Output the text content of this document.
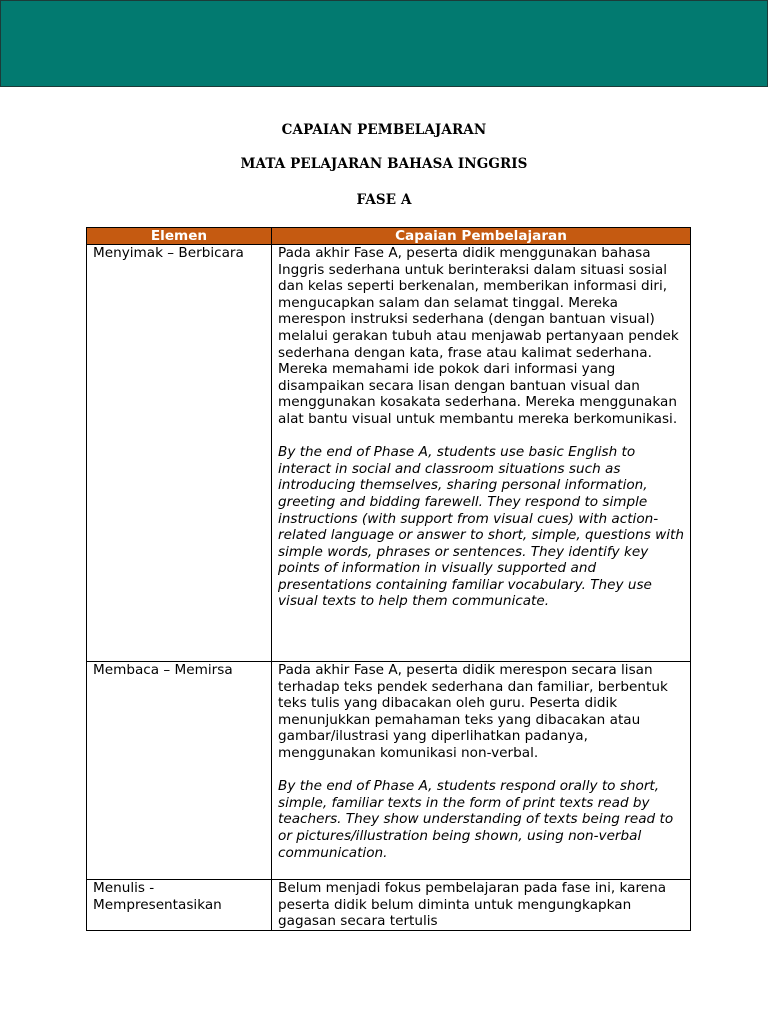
CAPAIAN PEMBELAJARAN
MATA PELAJARAN BAHASA INGGRIS
FASE A
Elemen	Capaian Pembelajaran
Menyimak – Berbicara	Pada akhir Fase A, peserta didik menggunakan bahasa Inggris sederhana untuk berinteraksi dalam situasi sosial dan kelas seperti berkenalan, memberikan informasi diri, mengucapkan salam dan selamat tinggal. Mereka merespon instruksi sederhana (dengan bantuan visual) melalui gerakan tubuh atau menjawab pertanyaan pendek sederhana dengan kata, frase atau kalimat sederhana. Mereka memahami ide pokok dari informasi yang disampaikan secara lisan dengan bantuan visual dan menggunakan kosakata sederhana. Mereka menggunakan alat bantu visual untuk membantu mereka berkomunikasi.

By the end of Phase A, students use basic English to interact in social and classroom situations such as introducing themselves, sharing personal information, greeting and bidding farewell. They respond to simple instructions (with support from visual cues) with action-related language or answer to short, simple, questions with simple words, phrases or sentences. They identify key points of information in visually supported and presentations containing familiar vocabulary. They use visual texts to help them communicate.

Membaca – Memirsa	Pada akhir Fase A, peserta didik merespon secara lisan terhadap teks pendek sederhana dan familiar, berbentuk teks tulis yang dibacakan oleh guru. Peserta didik menunjukkan pemahaman teks yang dibacakan atau gambar/ilustrasi yang diperlihatkan padanya, menggunakan komunikasi non-verbal.

By the end of Phase A, students respond orally to short, simple, familiar texts in the form of print texts read by teachers. They show understanding of texts being read to or pictures/illustration being shown, using non-verbal communication.

Menulis - Mempresentasikan	Belum menjadi fokus pembelajaran pada fase ini, karena peserta didik belum diminta untuk mengungkapkan gagasan secara tertulis
